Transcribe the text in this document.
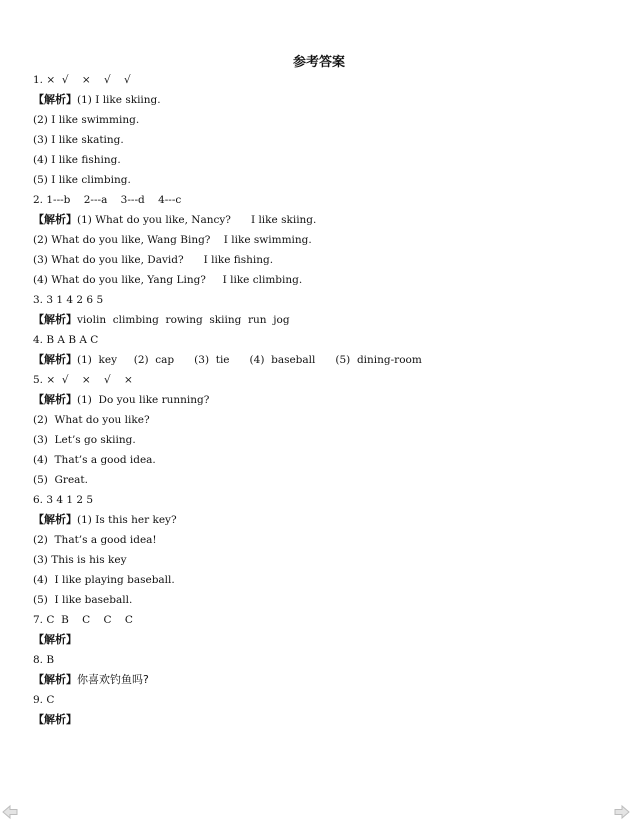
参考答案
1. ×  √    ×    √    √
【解析】(1) I like skiing.
(2) I like swimming.
(3) I like skating.
(4) I like fishing.
(5) I like climbing.
2. 1---b    2---a    3---d    4---c
【解析】(1) What do you like, Nancy?      I like skiing.
(2) What do you like, Wang Bing?    I like swimming.
(3) What do you like, David?      I like fishing.
(4) What do you like, Yang Ling?     I like climbing.
3. 3 1 4 2 6 5
【解析】violin  climbing  rowing  skiing  run  jog
4. B A B A C
【解析】(1)  key     (2)  cap      (3)  tie      (4)  baseball      (5)  dining-room
5. ×  √    ×    √    ×
【解析】(1)  Do you like running?
(2)  What do you like?
(3)  Let’s go skiing.
(4)  That’s a good idea.
(5)  Great.
6. 3 4 1 2 5
【解析】(1) Is this her key?
(2)  That’s a good idea!
(3) This is his key
(4)  I like playing baseball.
(5)  I like baseball.
7. C  B    C    C    C
【解析】
8. B
【解析】你喜欢钓鱼吗?
9. C
【解析】
